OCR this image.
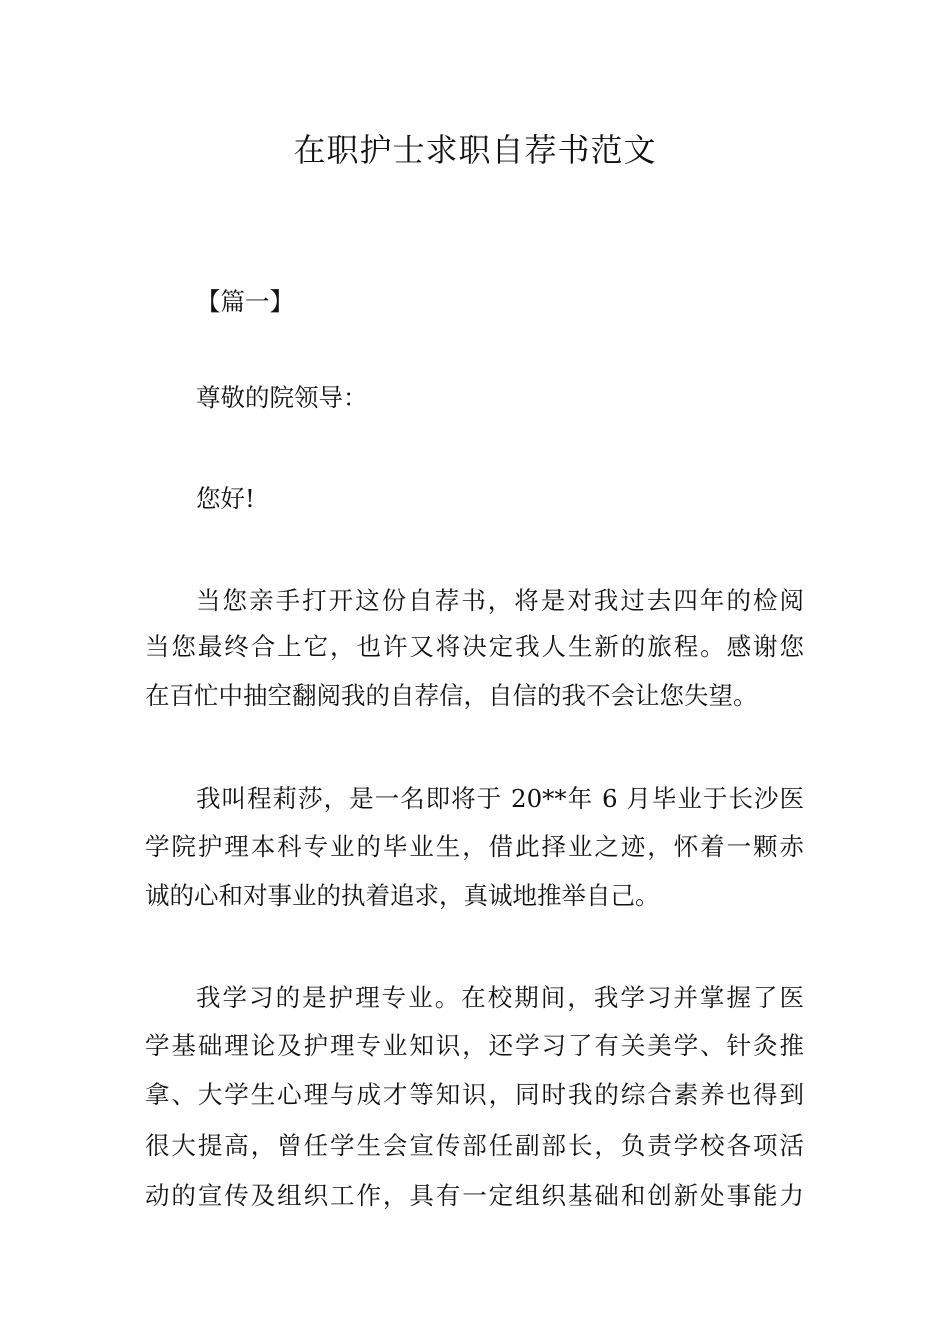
在职护士求职自荐书范文

【篇一】

尊敬的院领导：

您好!

当您亲手打开这份自荐书，将是对我过去四年的检阅

当您最终合上它，也许又将决定我人生新的旅程。感谢您

在百忙中抽空翻阅我的自荐信，自信的我不会让您失望。

我叫程莉莎，是一名即将于 20**年 6 月毕业于长沙医

学院护理本科专业的毕业生，借此择业之迹，怀着一颗赤

诚的心和对事业的执着追求，真诚地推举自己。

我学习的是护理专业。在校期间，我学习并掌握了医

学基础理论及护理专业知识，还学习了有关美学、针灸推

拿、大学生心理与成才等知识，同时我的综合素养也得到

很大提高，曾任学生会宣传部任副部长，负责学校各项活

动的宣传及组织工作，具有一定组织基础和创新处事能力
